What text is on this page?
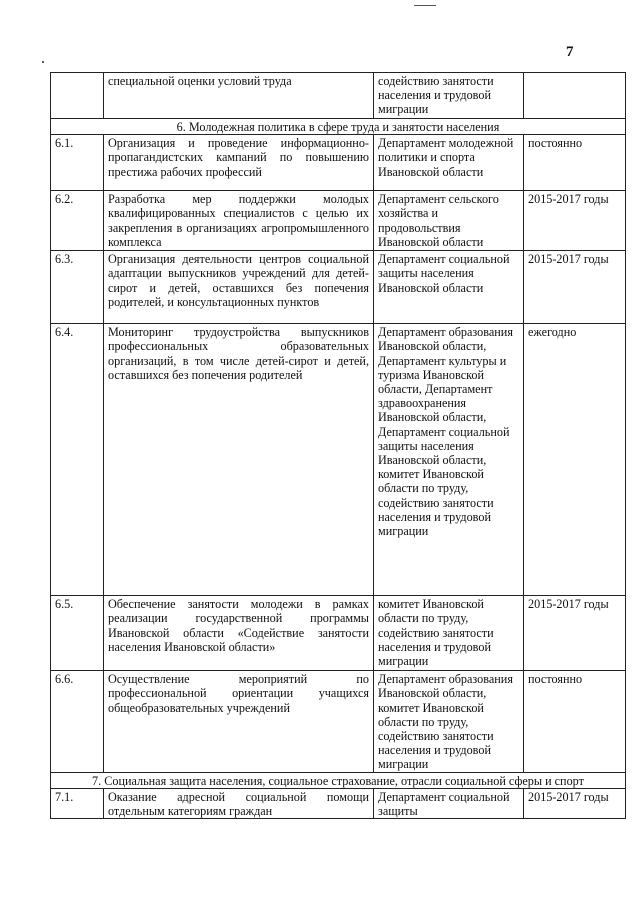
7
	специальной оценки условий труда	содействию занятости населения и трудовой миграции	
6. Молодежная политика в сфере труда и занятости населения			
6.1.	Организация и проведение информационно-пропагандистских кампаний по повышению престижа рабочих профессий	Департамент молодежной политики и спорта Ивановской области	постоянно
6.2.	Разработка мер поддержки молодых квалифицированных специалистов с целью их закрепления в организациях агропромышленного комплекса	Департамент сельского хозяйства и продовольствия Ивановской области	2015-2017 годы
6.3.	Организация деятельности центров социальной адаптации выпускников учреждений для детей-сирот и детей, оставшихся без попечения родителей, и консультационных пунктов	Департамент социальной защиты населения Ивановской области	2015-2017 годы
6.4.	Мониторинг трудоустройства выпускников профессиональных образовательных организаций, в том числе детей-сирот и детей, оставшихся без попечения родителей	Департамент образования Ивановской области, Департамент культуры и туризма Ивановской области, Департамент здравоохранения Ивановской области, Департамент социальной защиты населения Ивановской области, комитет Ивановской области по труду, содействию занятости населения и трудовой миграции	ежегодно
6.5.	Обеспечение занятости молодежи в рамках реализации государственной программы Ивановской области «Содействие занятости населения Ивановской области»	комитет Ивановской области по труду, содействию занятости населения и трудовой миграции	2015-2017 годы
6.6.	Осуществление мероприятий по профессиональной ориентации учащихся общеобразовательных учреждений	Департамент образования Ивановской области, комитет Ивановской области по труду, содействию занятости населения и трудовой миграции	постоянно
7. Социальная защита населения, социальное страхование, отрасли социальной сферы и спорт			
7.1.	Оказание адресной социальной помощи отдельным категориям граждан	Департамент социальной защиты	2015-2017 годы
